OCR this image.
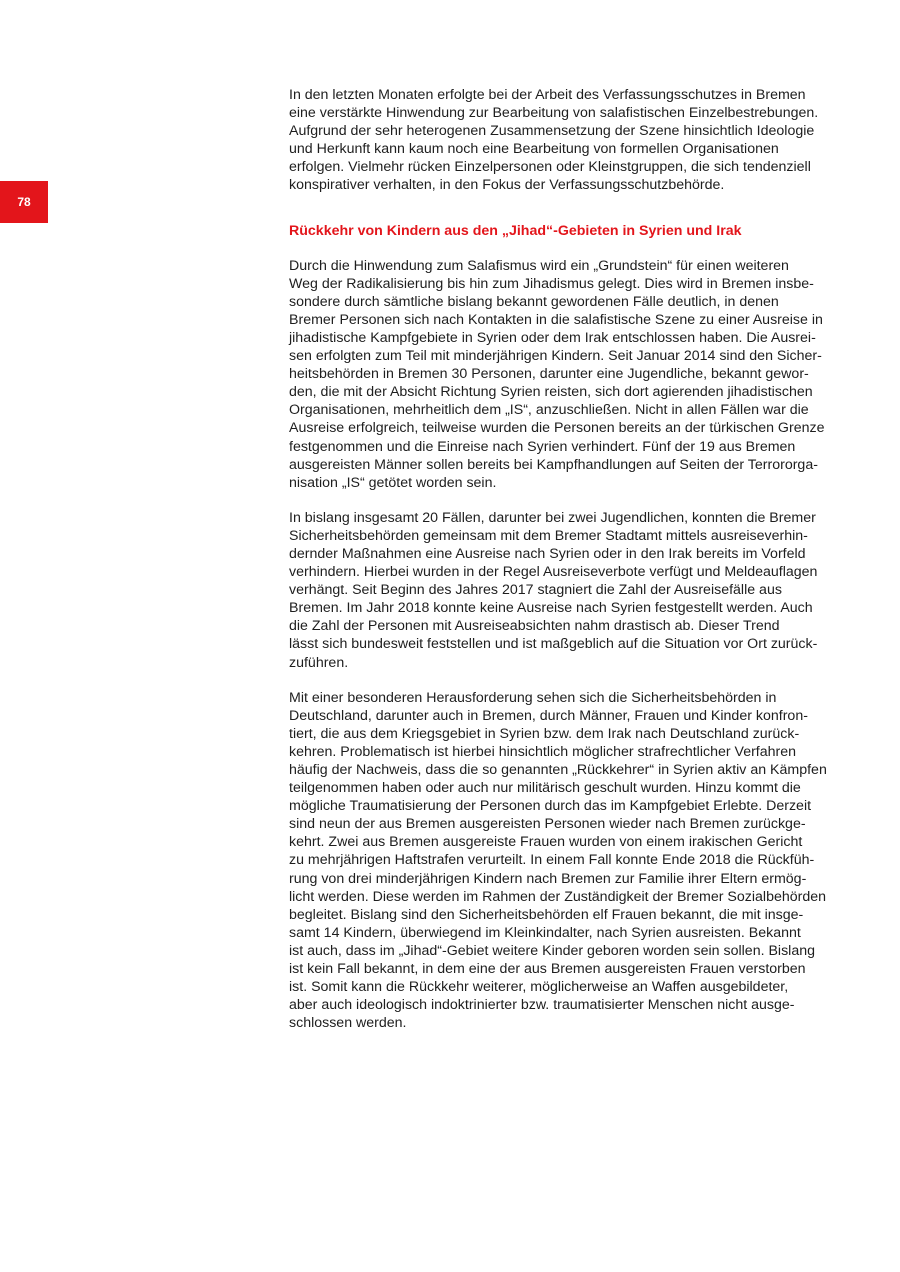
78
In den letzten Monaten erfolgte bei der Arbeit des Verfassungsschutzes in Bremen
eine verstärkte Hinwendung zur Bearbeitung von salafistischen Einzelbestrebungen.
Aufgrund der sehr heterogenen Zusammensetzung der Szene hinsichtlich Ideologie
und Herkunft kann kaum noch eine Bearbeitung von formellen Organisationen
erfolgen. Vielmehr rücken Einzelpersonen oder Kleinstgruppen, die sich tendenziell
konspirativer verhalten, in den Fokus der Verfassungsschutzbehörde.
Rückkehr von Kindern aus den „Jihad“-Gebieten in Syrien und Irak
Durch die Hinwendung zum Salafismus wird ein „Grundstein“ für einen weiteren
Weg der Radikalisierung bis hin zum Jihadismus gelegt. Dies wird in Bremen insbe-
sondere durch sämtliche bislang bekannt gewordenen Fälle deutlich, in denen
Bremer Personen sich nach Kontakten in die salafistische Szene zu einer Ausreise in
jihadistische Kampfgebiete in Syrien oder dem Irak entschlossen haben. Die Ausrei-
sen erfolgten zum Teil mit minderjährigen Kindern. Seit Januar 2014 sind den Sicher-
heitsbehörden in Bremen 30 Personen, darunter eine Jugendliche, bekannt gewor-
den, die mit der Absicht Richtung Syrien reisten, sich dort agierenden jihadistischen
Organisationen, mehrheitlich dem „IS“, anzuschließen. Nicht in allen Fällen war die
Ausreise erfolgreich, teilweise wurden die Personen bereits an der türkischen Grenze
festgenommen und die Einreise nach Syrien verhindert. Fünf der 19 aus Bremen
ausgereisten Männer sollen bereits bei Kampfhandlungen auf Seiten der Terrororga-
nisation „IS“ getötet worden sein.
In bislang insgesamt 20 Fällen, darunter bei zwei Jugendlichen, konnten die Bremer
Sicherheitsbehörden gemeinsam mit dem Bremer Stadtamt mittels ausreiseverhin-
dernder Maßnahmen eine Ausreise nach Syrien oder in den Irak bereits im Vorfeld
verhindern. Hierbei wurden in der Regel Ausreiseverbote verfügt und Meldeauflagen
verhängt. Seit Beginn des Jahres 2017 stagniert die Zahl der Ausreisefälle aus
Bremen. Im Jahr 2018 konnte keine Ausreise nach Syrien festgestellt werden. Auch
die Zahl der Personen mit Ausreiseabsichten nahm drastisch ab. Dieser Trend
lässt sich bundesweit feststellen und ist maßgeblich auf die Situation vor Ort zurück-
zuführen.
Mit einer besonderen Herausforderung sehen sich die Sicherheitsbehörden in
Deutschland, darunter auch in Bremen, durch Männer, Frauen und Kinder konfron-
tiert, die aus dem Kriegsgebiet in Syrien bzw. dem Irak nach Deutschland zurück-
kehren. Problematisch ist hierbei hinsichtlich möglicher strafrechtlicher Verfahren
häufig der Nachweis, dass die so genannten „Rückkehrer“ in Syrien aktiv an Kämpfen
teilgenommen haben oder auch nur militärisch geschult wurden. Hinzu kommt die
mögliche Traumatisierung der Personen durch das im Kampfgebiet Erlebte. Derzeit
sind neun der aus Bremen ausgereisten Personen wieder nach Bremen zurückge-
kehrt. Zwei aus Bremen ausgereiste Frauen wurden von einem irakischen Gericht
zu mehrjährigen Haftstrafen verurteilt. In einem Fall konnte Ende 2018 die Rückfüh-
rung von drei minderjährigen Kindern nach Bremen zur Familie ihrer Eltern ermög-
licht werden. Diese werden im Rahmen der Zuständigkeit der Bremer Sozialbehörden
begleitet. Bislang sind den Sicherheitsbehörden elf Frauen bekannt, die mit insge-
samt 14 Kindern, überwiegend im Kleinkindalter, nach Syrien ausreisten. Bekannt
ist auch, dass im „Jihad“-Gebiet weitere Kinder geboren worden sein sollen. Bislang
ist kein Fall bekannt, in dem eine der aus Bremen ausgereisten Frauen verstorben
ist. Somit kann die Rückkehr weiterer, möglicherweise an Waffen ausgebildeter,
aber auch ideologisch indoktrinierter bzw. traumatisierter Menschen nicht ausge-
schlossen werden.
